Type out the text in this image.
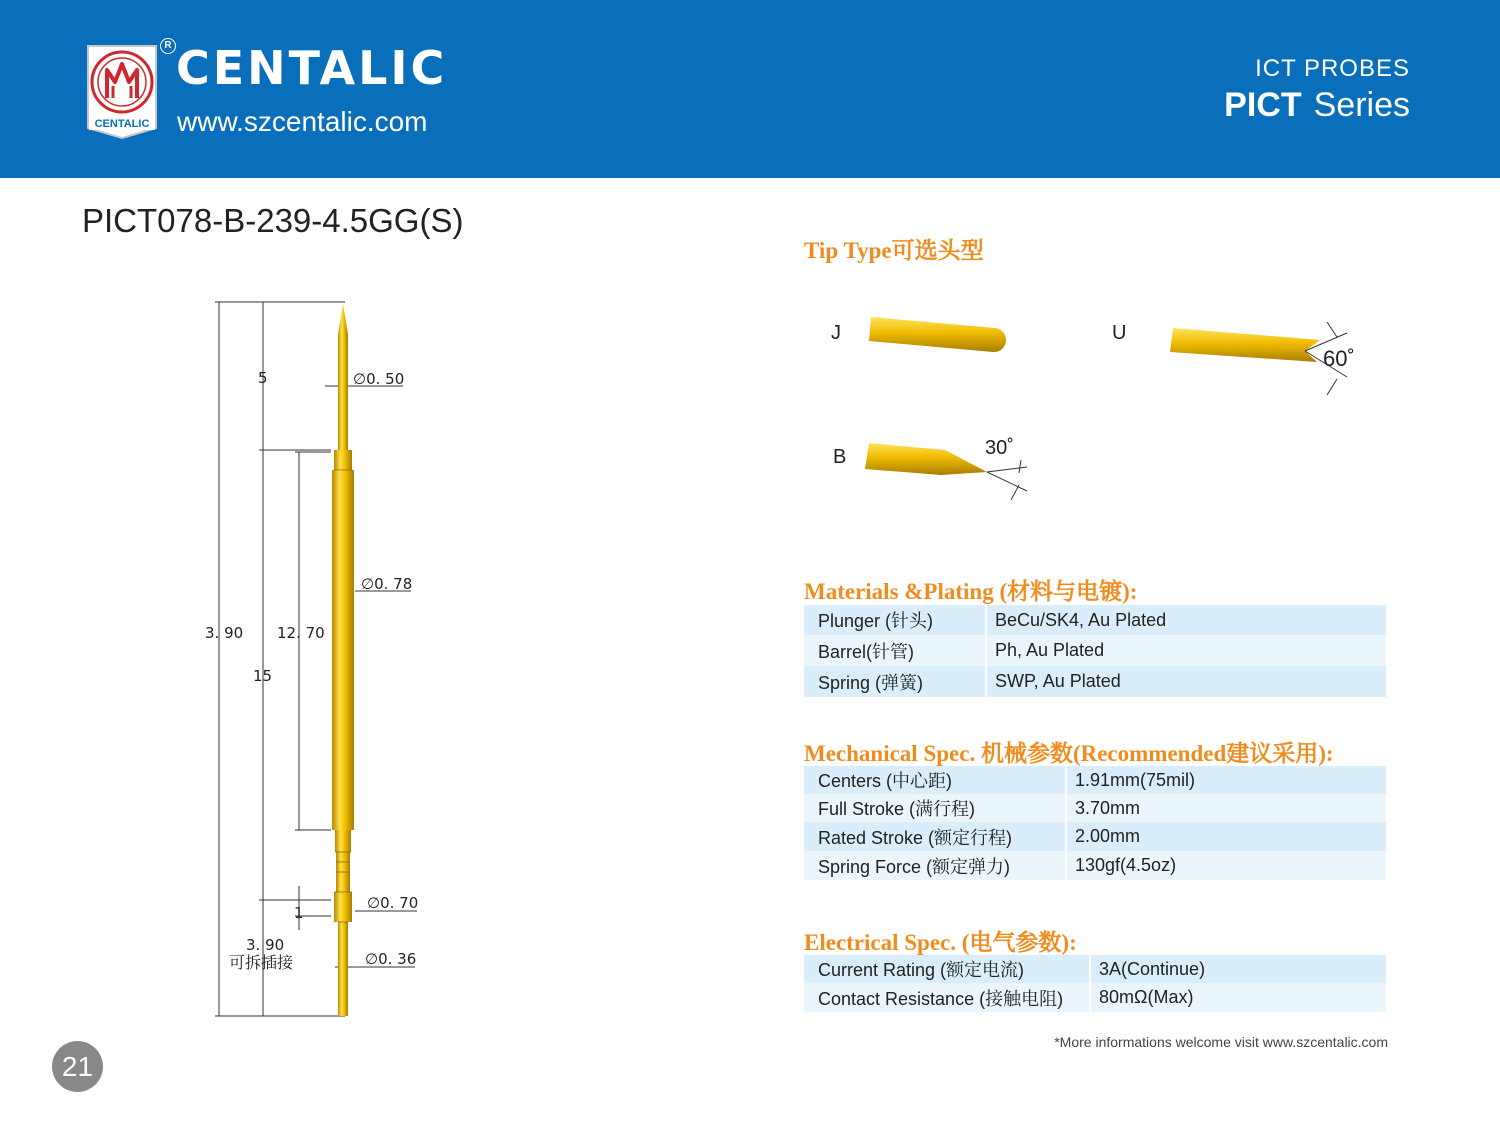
CENTALIC
R CENTALIC
www.szcentalic.com
ICT PROBES
PICT Series
PICT078-B-239-4.5GG(S)
5	∅0. 50
∅0. 78
3. 90 12. 70
15
∅0. 70
1
∅0. 36
3. 90
可拆插接
Tip Type可选头型
J	U
60˚
B	30˚
Materials &Plating (材料与电镀):
Plunger (针头)	BeCu/SK4, Au Plated
Barrel(针管)	Ph, Au Plated
Spring (弹簧)	SWP, Au Plated
Mechanical Spec. 机械参数(Recommended建议采用):
Centers (中心距)	1.91mm(75mil)
Full Stroke (满行程)	3.70mm
Rated Stroke (额定行程)	2.00mm
Spring Force (额定弹力)	130gf(4.5oz)
Electrical Spec. (电气参数):
Current Rating (额定电流)	3A(Continue)
Contact Resistance (接触电阻)	80mΩ(Max)
*More informations welcome visit www.szcentalic.com
21
